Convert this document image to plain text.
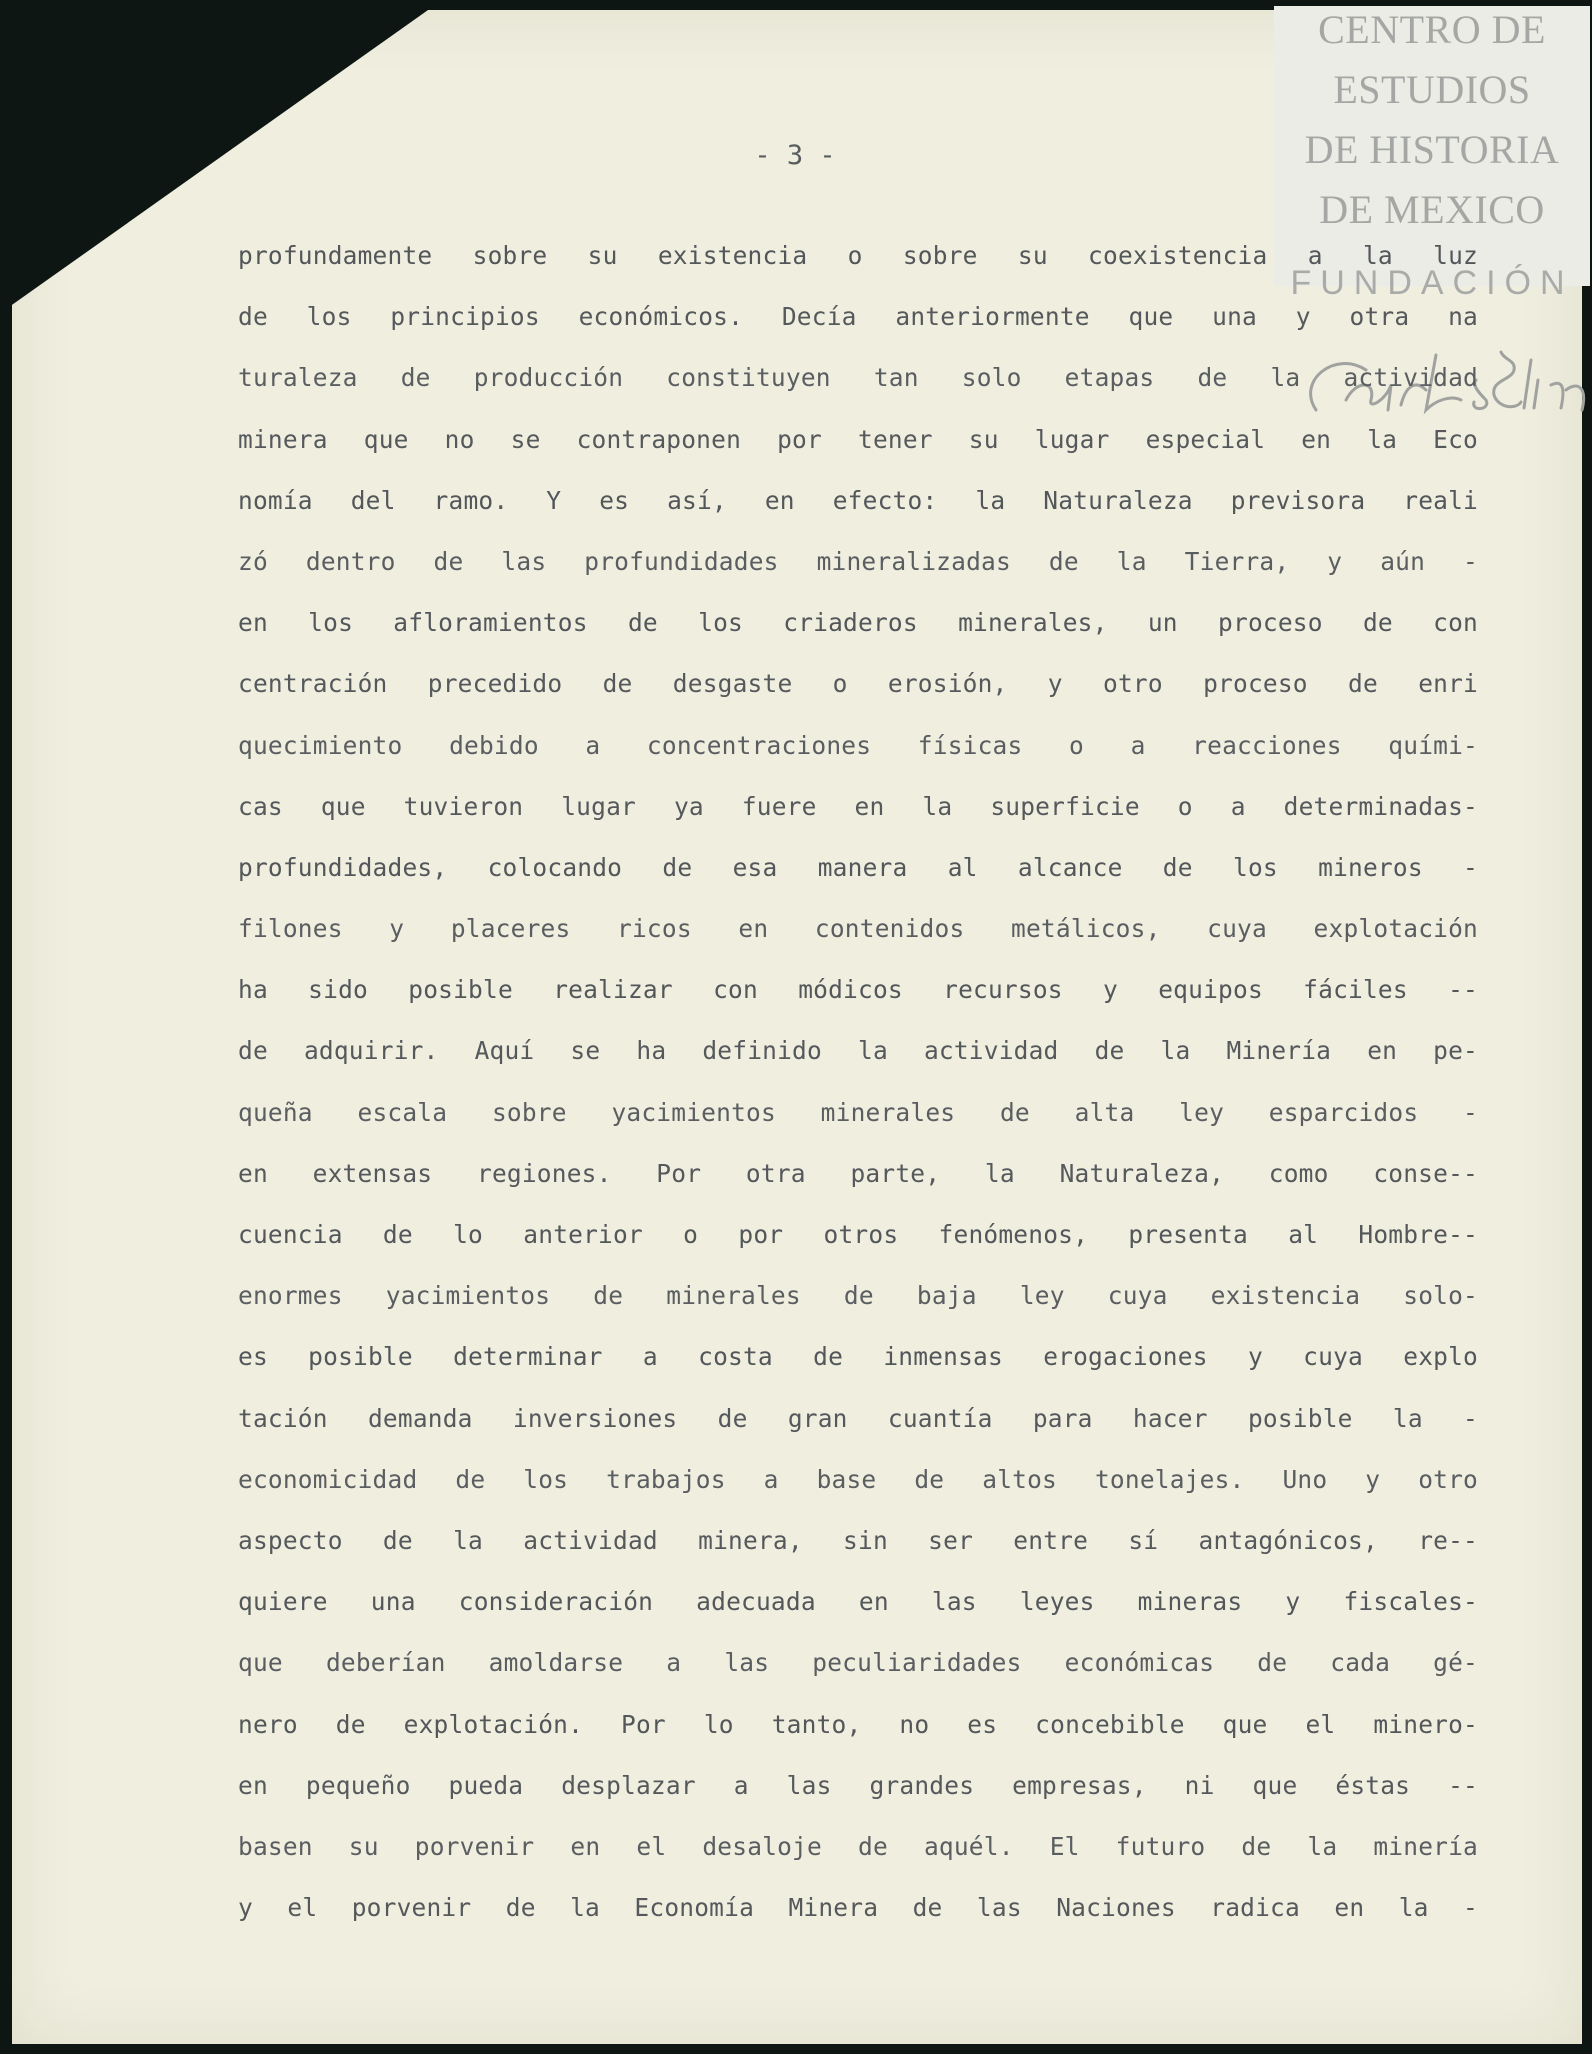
CENTRO DE
ESTUDIOS
DE HISTORIA
DE MEXICO
FUNDACIÓN
- 3 -
profundamente sobre su existencia o sobre su coexistencia a la luz
de los principios económicos. Decía anteriormente que una y otra na
turaleza de producción constituyen tan solo etapas de la actividad
minera que no se contraponen por tener su lugar especial en la Eco
nomía del ramo. Y es así, en efecto: la Naturaleza previsora reali
zó dentro de las profundidades mineralizadas de la Tierra, y aún -
en los afloramientos de los criaderos minerales, un proceso de con
centración precedido de desgaste o erosión, y otro proceso de enri
quecimiento debido a concentraciones físicas o a reacciones quími-
cas que tuvieron lugar ya fuere en la superficie o a determinadas-
profundidades, colocando de esa manera al alcance de los mineros -
filones y placeres ricos en contenidos metálicos, cuya explotación
ha sido posible realizar con módicos recursos y equipos fáciles --
de adquirir. Aquí se ha definido la actividad de la Minería en pe-
queña escala sobre yacimientos minerales de alta ley esparcidos -
en extensas regiones. Por otra parte, la Naturaleza, como conse--
cuencia de lo anterior o por otros fenómenos, presenta al Hombre--
enormes yacimientos de minerales de baja ley cuya existencia solo-
es posible determinar a costa de inmensas erogaciones y cuya explo
tación demanda inversiones de gran cuantía para hacer posible la -
economicidad de los trabajos a base de altos tonelajes. Uno y otro
aspecto de la actividad minera, sin ser entre sí antagónicos, re--
quiere una consideración adecuada en las leyes mineras y fiscales-
que deberían amoldarse a las peculiaridades económicas de cada gé-
nero de explotación. Por lo tanto, no es concebible que el minero-
en pequeño pueda desplazar a las grandes empresas, ni que éstas --
basen su porvenir en el desaloje de aquél. El futuro de la minería
y el porvenir de la Economía Minera de las Naciones radica en la -
